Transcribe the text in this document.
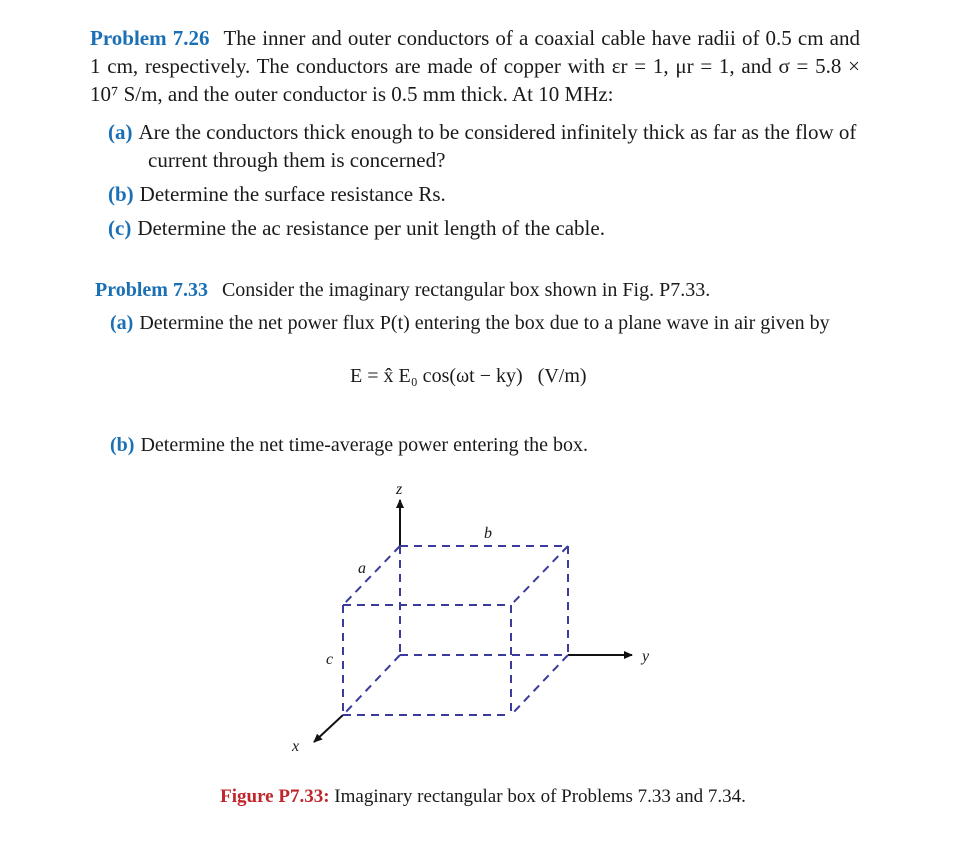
Problem 7.26 The inner and outer conductors of a coaxial cable have radii of 0.5 cm and 1 cm, respectively. The conductors are made of copper with εr = 1, μr = 1, and σ = 5.8 × 10⁷ S/m, and the outer conductor is 0.5 mm thick. At 10 MHz:
(a) Are the conductors thick enough to be considered infinitely thick as far as the flow of current through them is concerned?
(b) Determine the surface resistance Rs.
(c) Determine the ac resistance per unit length of the cable.
Problem 7.33 Consider the imaginary rectangular box shown in Fig. P7.33.
(a) Determine the net power flux P(t) entering the box due to a plane wave in air given by
E = x̂ E₀ cos(ωt − ky)   (V/m)
(b) Determine the net time-average power entering the box.
z
y
x
b
a
c
Figure P7.33: Imaginary rectangular box of Problems 7.33 and 7.34.
